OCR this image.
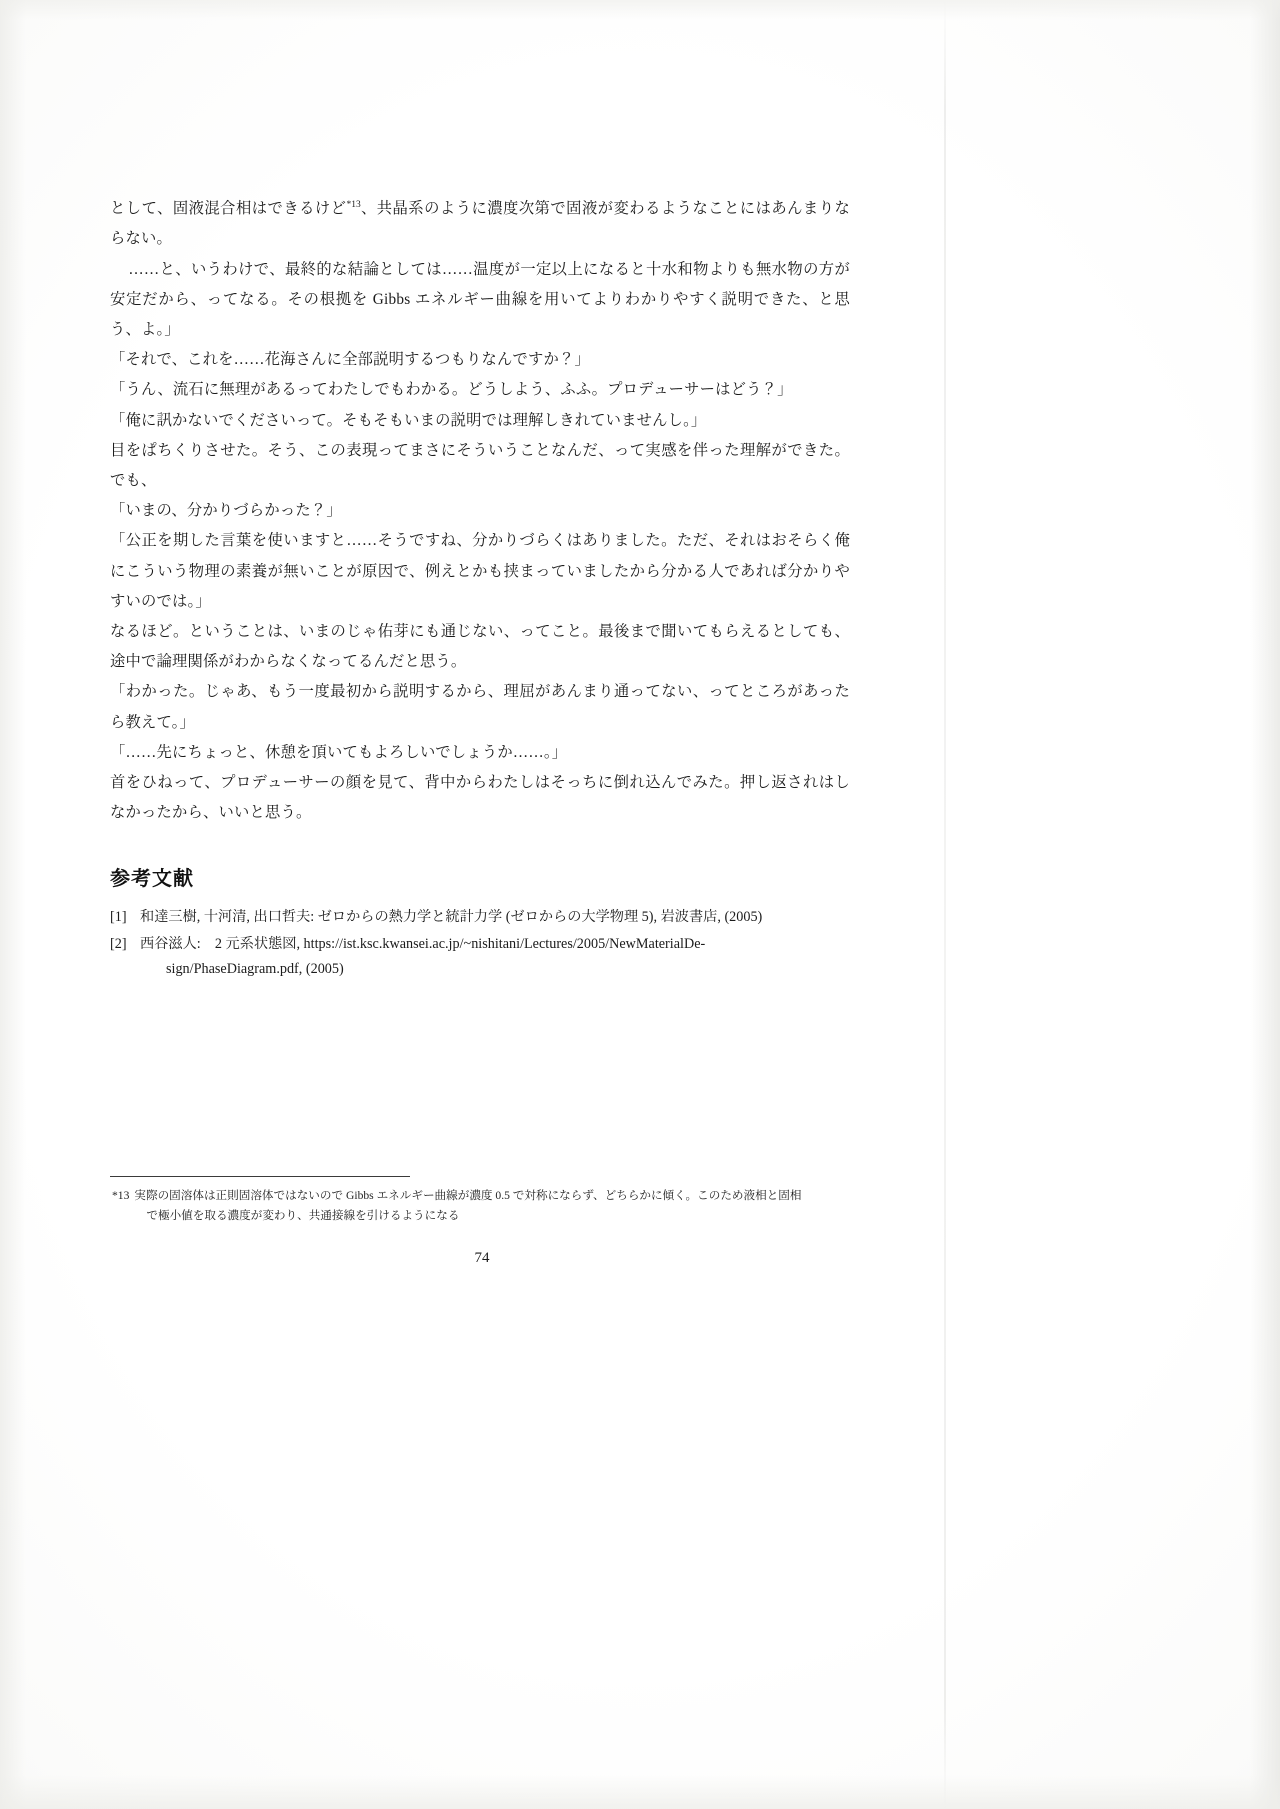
として、固液混合相はできるけど$^{*13}$、共晶系のように濃度次第で固液が変わるようなことにはあんまりならない。

……と、いうわけで、最終的な結論としては……温度が一定以上になると十水和物よりも無水物の方が安定だから、ってなる。その根拠を Gibbs エネルギー曲線を用いてよりわかりやすく説明できた、と思う、よ。」

「それで、これを……花海さんに全部説明するつもりなんですか？」

「うん、流石に無理があるってわたしでもわかる。どうしよう、ふふ。プロデューサーはどう？」

「俺に訊かないでくださいって。そもそもいまの説明では理解しきれていませんし。」

目をぱちくりさせた。そう、この表現ってまさにそういうことなんだ、って実感を伴った理解ができた。でも、

「いまの、分かりづらかった？」

「公正を期した言葉を使いますと……そうですね、分かりづらくはありました。ただ、それはおそらく俺にこういう物理の素養が無いことが原因で、例えとかも挟まっていましたから分かる人であれば分かりやすいのでは。」

なるほど。ということは、いまのじゃ佑芽にも通じない、ってこと。最後まで聞いてもらえるとしても、途中で論理関係がわからなくなってるんだと思う。

「わかった。じゃあ、もう一度最初から説明するから、理屈があんまり通ってない、ってところがあったら教えて。」

「……先にちょっと、休憩を頂いてもよろしいでしょうか……。」

首をひねって、プロデューサーの顔を見て、背中からわたしはそっちに倒れ込んでみた。押し返されはしなかったから、いいと思う。

参考文献
[1] 和達三樹, 十河清, 出口哲夫: ゼロからの熱力学と統計力学 (ゼロからの大学物理 5), 岩波書店, (2005)
[2] 西谷滋人:　2 元系状態図, https://ist.ksc.kwansei.ac.jp/~nishitani/Lectures/2005/NewMaterialDe-
sign/PhaseDiagram.pdf, (2005)
*13 実際の固溶体は正則固溶体ではないので Gibbs エネルギー曲線が濃度 0.5 で対称にならず、どちらかに傾く。このため液相と固相
で極小値を取る濃度が変わり、共通接線を引けるようになる
74
